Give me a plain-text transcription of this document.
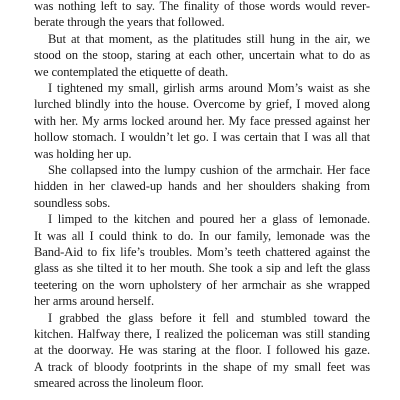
was nothing left to say. The finality of those words would rever-
berate through the years that followed.
But at that moment, as the platitudes still hung in the air, we
stood on the stoop, staring at each other, uncertain what to do as
we contemplated the etiquette of death.
I tightened my small, girlish arms around Mom’s waist as she
lurched blindly into the house. Overcome by grief, I moved along
with her. My arms locked around her. My face pressed against her
hollow stomach. I wouldn’t let go. I was certain that I was all that
was holding her up.
She collapsed into the lumpy cushion of the armchair. Her face
hidden in her clawed-up hands and her shoulders shaking from
soundless sobs.
I limped to the kitchen and poured her a glass of lemonade.
It was all I could think to do. In our family, lemonade was the
Band-Aid to fix life’s troubles. Mom’s teeth chattered against the
glass as she tilted it to her mouth. She took a sip and left the glass
teetering on the worn upholstery of her armchair as she wrapped
her arms around herself.
I grabbed the glass before it fell and stumbled toward the
kitchen. Halfway there, I realized the policeman was still standing
at the doorway. He was staring at the floor. I followed his gaze.
A track of bloody footprints in the shape of my small feet was
smeared across the linoleum floor.
